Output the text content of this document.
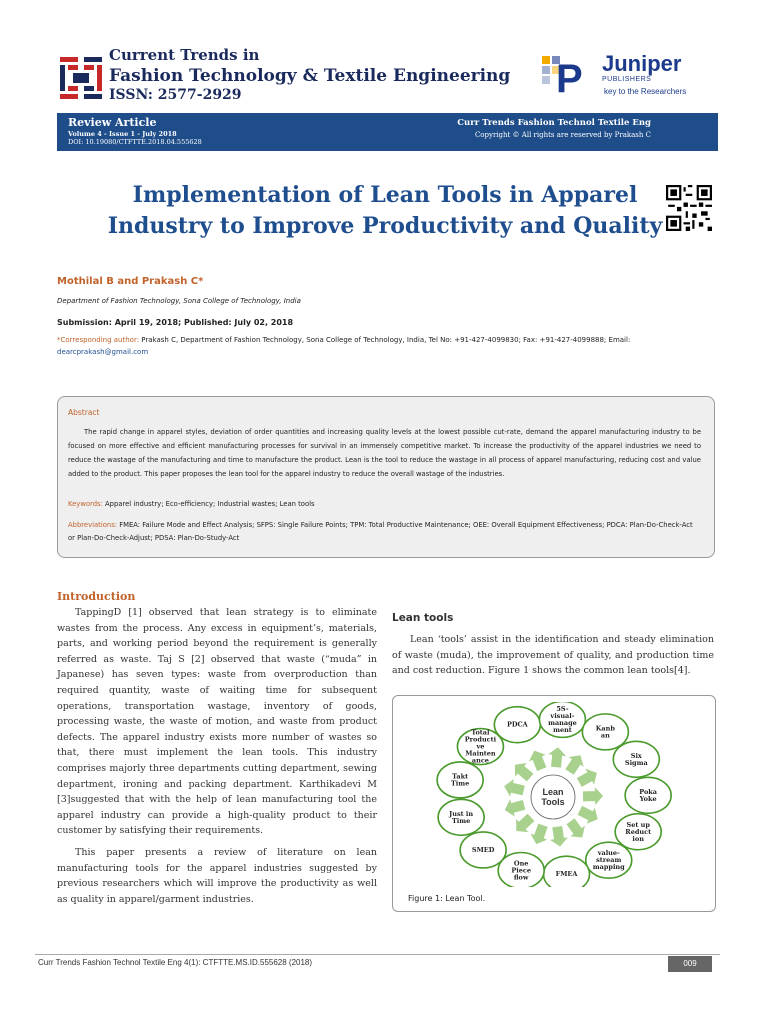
Current Trends in
Fashion Technology & Textile Engineering
ISSN: 2577-2929	P Juniper
PUBLISHERS
key to the Researchers
Review Article
Volume 4 - Issue 1 - July 2018
DOI: 10.19080/CTFTTE.2018.04.555628
Curr Trends Fashion Technol Textile Eng
Copyright © All rights are reserved by Prakash C
Implementation of Lean Tools in Apparel
Industry to Improve Productivity and Quality
Mothilal B and Prakash C*
Department of Fashion Technology, Sona College of Technology, India
Submission: April 19, 2018; Published: July 02, 2018
*Corresponding author: Prakash C, Department of Fashion Technology, Sona College of Technology, India, Tel No: +91-427-4099830; Fax: +91-427-4099888; Email: dearcprakash@gmail.com
Abstract
The rapid change in apparel styles, deviation of order quantities and increasing quality levels at the lowest possible cut-rate, demand the apparel manufacturing industry to be focused on more effective and efficient manufacturing processes for survival in an immensely competitive market. To increase the productivity of the apparel industries we need to reduce the wastage of the manufacturing and time to manufacture the product. Lean is the tool to reduce the wastage in all process of apparel manufacturing, reducing cost and value added to the product. This paper proposes the lean tool for the apparel industry to reduce the overall wastage of the industries.
Keywords: Apparel industry; Eco-efficiency; Industrial wastes; Lean tools
Abbreviations: FMEA: Failure Mode and Effect Analysis; SFPS: Single Failure Points; TPM: Total Productive Maintenance; OEE: Overall Equipment Effectiveness; PDCA: Plan-Do-Check-Act or Plan-Do-Check-Adjust; PDSA: Plan-Do-Study-Act
Introduction
TappingD [1] observed that lean strategy is to eliminate wastes from the process. Any excess in equipment’s, materials, parts, and working period beyond the requirement is generally referred as waste. Taj S [2] observed that waste (“muda” in Japanese) has seven types: waste from overproduction than required quantity, waste of waiting time for subsequent operations, transportation wastage, inventory of goods, processing waste, the waste of motion, and waste from product defects. The apparel industry exists more number of wastes so that, there must implement the lean tools. This industry comprises majorly three departments cutting department, sewing department, ironing and packing department. Karthikadevi M [3]suggested that with the help of lean manufacturing tool the apparel industry can provide a high-quality product to their customer by satisfying their requirements.
This paper presents a review of literature on lean manufacturing tools for the apparel industries suggested by previous researchers which will improve the productivity as well as quality in apparel/garment industries.
Lean tools
Lean ‘tools’ assist in the identification and steady elimination of waste (muda), the improvement of quality, and production time and cost reduction. Figure 1 shows the common lean tools[4].
Lean
Tools
PDCA
5S-
visual-
manage
ment	Kanb
an
Six
Sigma
Poka
Yoke
Set up
Reduct
ion
value-
stream
mapping
FMEA
One
Piece
flow
SMED
Just in
Time
Takt
Time
Total
Producti
ve
Mainten
ance
Figure 1: Lean Tool.
Curr Trends Fashion Technol Textile Eng 4(1): CTFTTE.MS.ID.555628 (2018)	009
